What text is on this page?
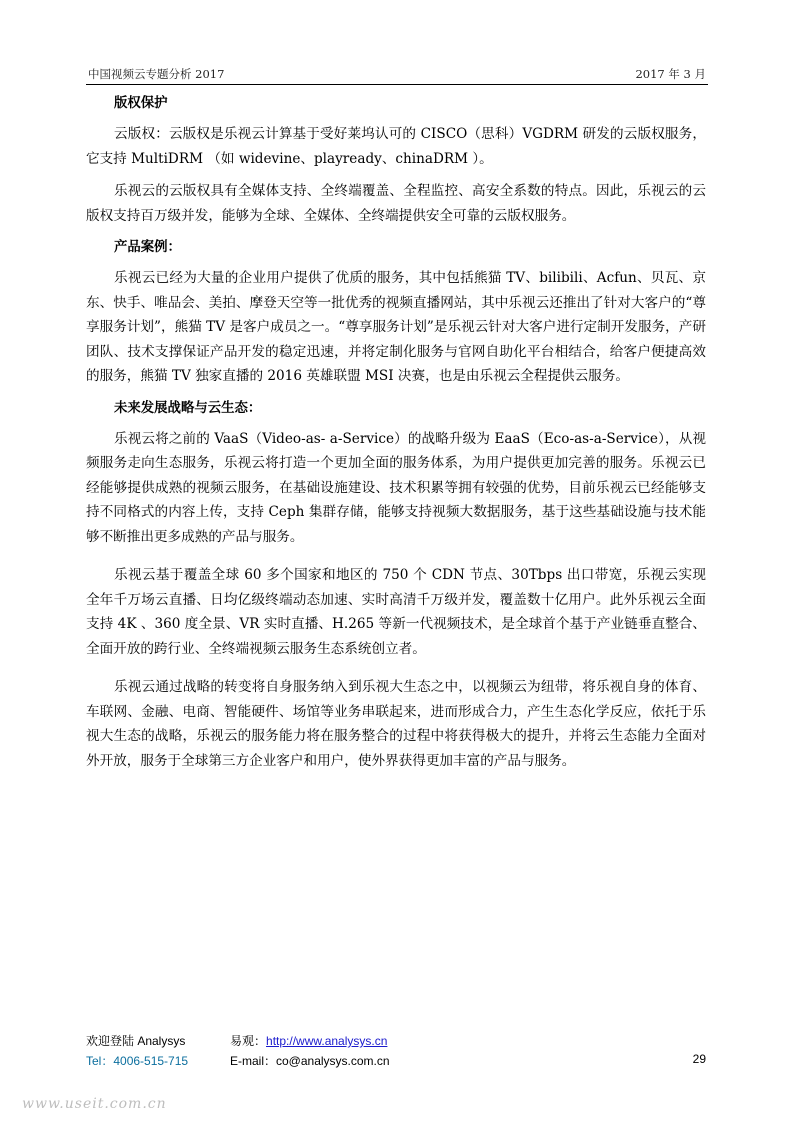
中国视频云专题分析 2017	2017 年 3 月
版权保护

云版权：云版权是乐视云计算基于受好莱坞认可的 CISCO（思科）VGDRM 研发的云版权服务，它支持 MultiDRM （如 widevine、playready、chinaDRM ）。

乐视云的云版权具有全媒体支持、全终端覆盖、全程监控、高安全系数的特点。因此，乐视云的云版权支持百万级并发，能够为全球、全媒体、全终端提供安全可靠的云版权服务。

产品案例：

乐视云已经为大量的企业用户提供了优质的服务，其中包括熊猫 TV、bilibili、Acfun、贝瓦、京东、快手、唯品会、美拍、摩登天空等一批优秀的视频直播网站，其中乐视云还推出了针对大客户的“尊享服务计划”，熊猫 TV 是客户成员之一。“尊享服务计划”是乐视云针对大客户进行定制开发服务，产研团队、技术支撑保证产品开发的稳定迅速，并将定制化服务与官网自助化平台相结合，给客户便捷高效的服务，熊猫 TV 独家直播的 2016 英雄联盟 MSI 决赛，也是由乐视云全程提供云服务。

未来发展战略与云生态：

乐视云将之前的 VaaS（Video-as- a-Service）的战略升级为 EaaS（Eco-as-a-Service），从视频服务走向生态服务，乐视云将打造一个更加全面的服务体系，为用户提供更加完善的服务。乐视云已经能够提供成熟的视频云服务，在基础设施建设、技术积累等拥有较强的优势，目前乐视云已经能够支持不同格式的内容上传，支持 Ceph 集群存储，能够支持视频大数据服务，基于这些基础设施与技术能够不断推出更多成熟的产品与服务。

乐视云基于覆盖全球 60 多个国家和地区的 750 个 CDN 节点、30Tbps 出口带宽，乐视云实现全年千万场云直播、日均亿级终端动态加速、实时高清千万级并发，覆盖数十亿用户。此外乐视云全面支持 4K 、360 度全景、VR 实时直播、H.265 等新一代视频技术，是全球首个基于产业链垂直整合、全面开放的跨行业、全终端视频云服务生态系统创立者。

乐视云通过战略的转变将自身服务纳入到乐视大生态之中，以视频云为纽带，将乐视自身的体育、车联网、金融、电商、智能硬件、场馆等业务串联起来，进而形成合力，产生生态化学反应，依托于乐视大生态的战略，乐视云的服务能力将在服务整合的过程中将获得极大的提升，并将云生态能力全面对外开放，服务于全球第三方企业客户和用户，使外界获得更加丰富的产品与服务。

欢迎登陆 Analysys	易观：http://www.analysys.cn
Tel：4006-515-715	E-mail：co@analysys.com.cn	29
www.useit.com.cn
